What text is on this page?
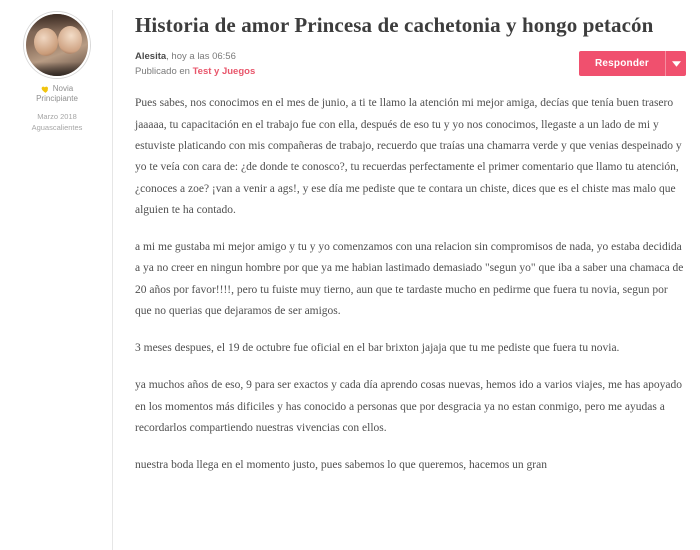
Novia
Principiante
Marzo 2018
Aguascalientes
Historia de amor Princesa de cachetonia y hongo petacón
Alesita, hoy a las 06:56
Publicado en Test y Juegos
Responder

Pues sabes, nos conocimos en el mes de junio, a ti te llamo la atención mi mejor amiga, decías que tenía buen trasero jaaaaa, tu capacitación en el trabajo fue con ella, después de eso tu y yo nos conocimos, llegaste a un lado de mi y estuviste platicando con mis compañeras de trabajo, recuerdo que traías una chamarra verde y que venias despeinado y yo te veía con cara de: ¿de donde te conosco?, tu recuerdas perfectamente el primer comentario que llamo tu atención, ¿conoces a zoe? ¡van a venir a ags!, y ese día me pediste que te contara un chiste, dices que es el chiste mas malo que alguien te ha contado.

a mi me gustaba mi mejor amigo y tu y yo comenzamos con una relacion sin compromisos de nada, yo estaba decidida a ya no creer en ningun hombre por que ya me habian lastimado demasiado "segun yo" que iba a saber una chamaca de 20 años por favor!!!!, pero tu fuiste muy tierno, aun que te tardaste mucho en pedirme que fuera tu novia, segun por que no querias que dejaramos de ser amigos.

3 meses despues, el 19 de octubre fue oficial en el bar brixton jajaja que tu me pediste que fuera tu novia.

ya muchos años de eso, 9 para ser exactos y cada día aprendo cosas nuevas, hemos ido a varios viajes, me has apoyado en los momentos más dificiles y has conocido a personas que por desgracia ya no estan conmigo, pero me ayudas a recordarlos compartiendo nuestras vivencias con ellos.

nuestra boda llega en el momento justo, pues sabemos lo que queremos, hacemos un gran
